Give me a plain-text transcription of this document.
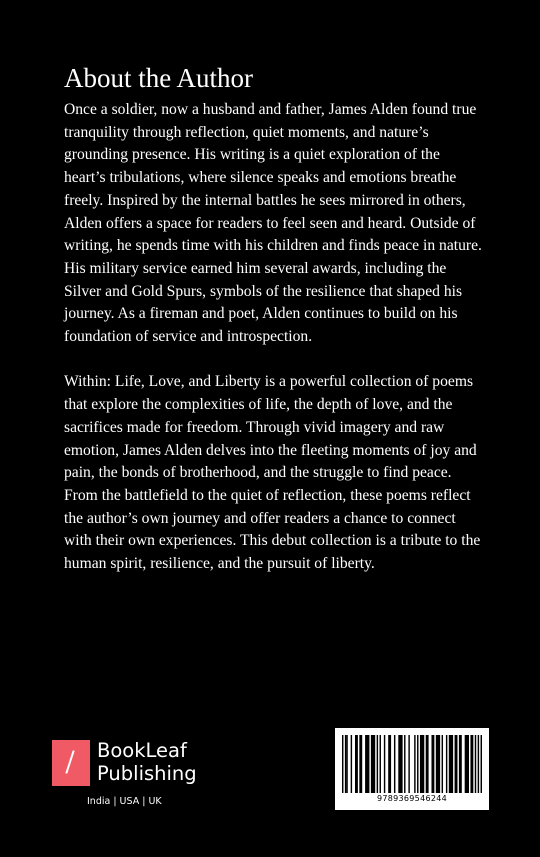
About the Author

Once a soldier, now a husband and father, James Alden found true tranquility through reflection, quiet moments, and nature’s grounding presence. His writing is a quiet exploration of the heart’s tribulations, where silence speaks and emotions breathe freely. Inspired by the internal battles he sees mirrored in others, Alden offers a space for readers to feel seen and heard. Outside of writing, he spends time with his children and finds peace in nature. His military service earned him several awards, including the Silver and Gold Spurs, symbols of the resilience that shaped his journey. As a fireman and poet, Alden continues to build on his foundation of service and introspection.

Within: Life, Love, and Liberty is a powerful collection of poems that explore the complexities of life, the depth of love, and the sacrifices made for freedom. Through vivid imagery and raw emotion, James Alden delves into the fleeting moments of joy and pain, the bonds of brotherhood, and the struggle to find peace. From the battlefield to the quiet of reflection, these poems reflect the author’s own journey and offer readers a chance to connect with their own experiences. This debut collection is a tribute to the human spirit, resilience, and the pursuit of liberty.

BookLeaf
Publishing
India | USA | UK	9789369546244
